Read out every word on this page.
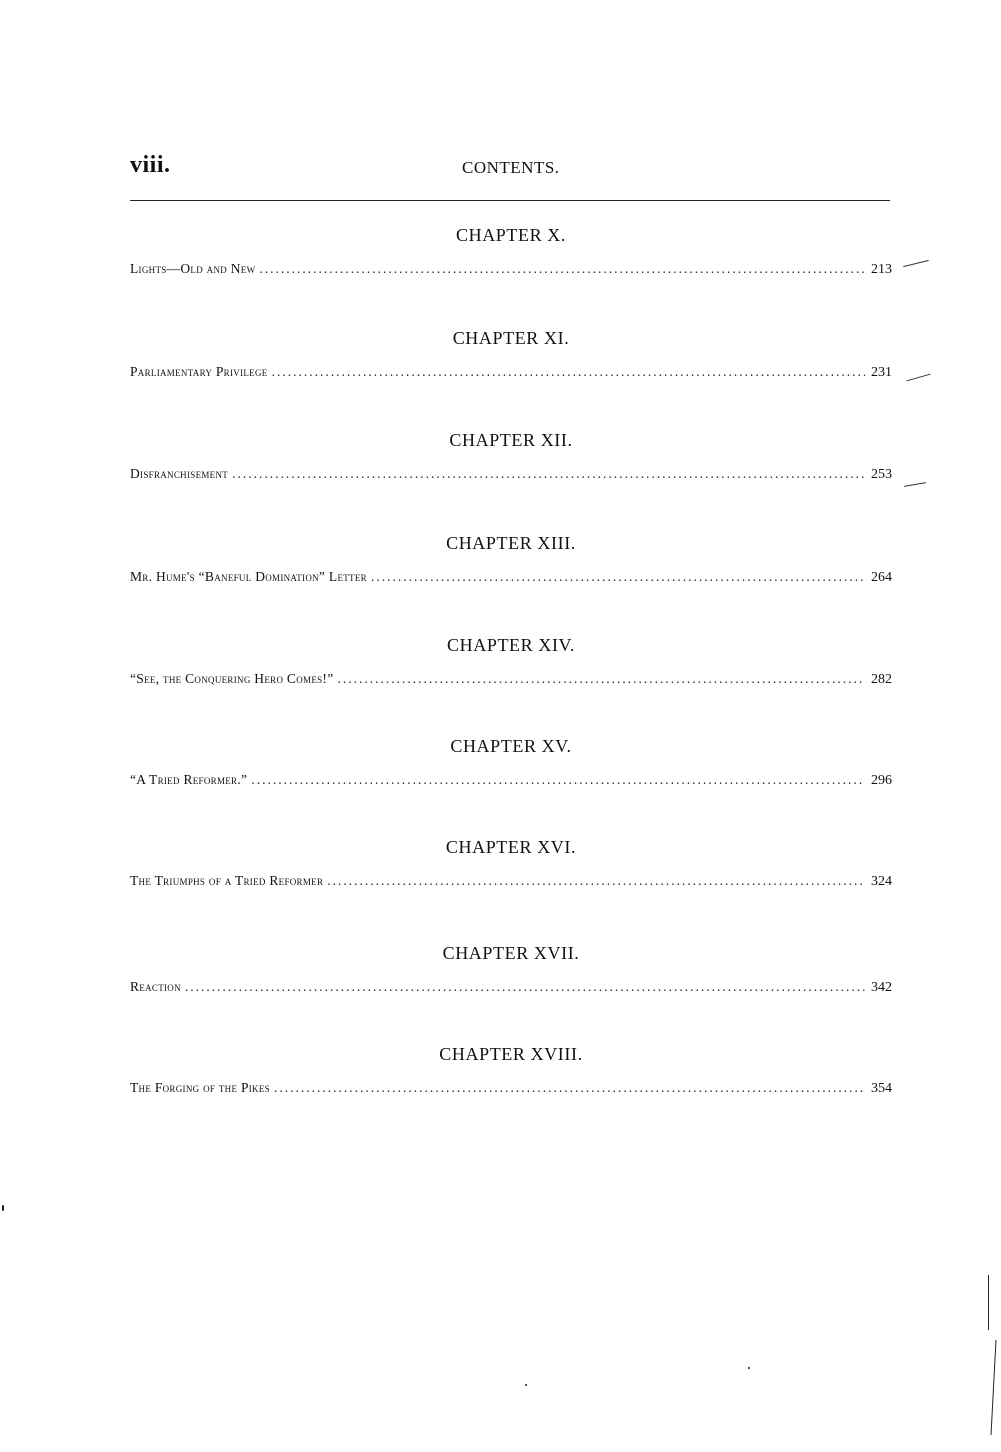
viii.	CONTENTS.
CHAPTER X.
Lights—Old and New .....	213
CHAPTER XI.
Parliamentary Privilege .....	231
CHAPTER XII.
Disfranchisement .....	253
CHAPTER XIII.
Mr. Hume's “Baneful Domination” Letter .....	264
CHAPTER XIV.
“See, the Conquering Hero Comes!” .....	282
CHAPTER XV.
“A Tried Reformer.” .....	296
CHAPTER XVI.
The Triumphs of a Tried Reformer .....	324
CHAPTER XVII.
Reaction .....	342
CHAPTER XVIII.
The Forging of the Pikes .....	354
